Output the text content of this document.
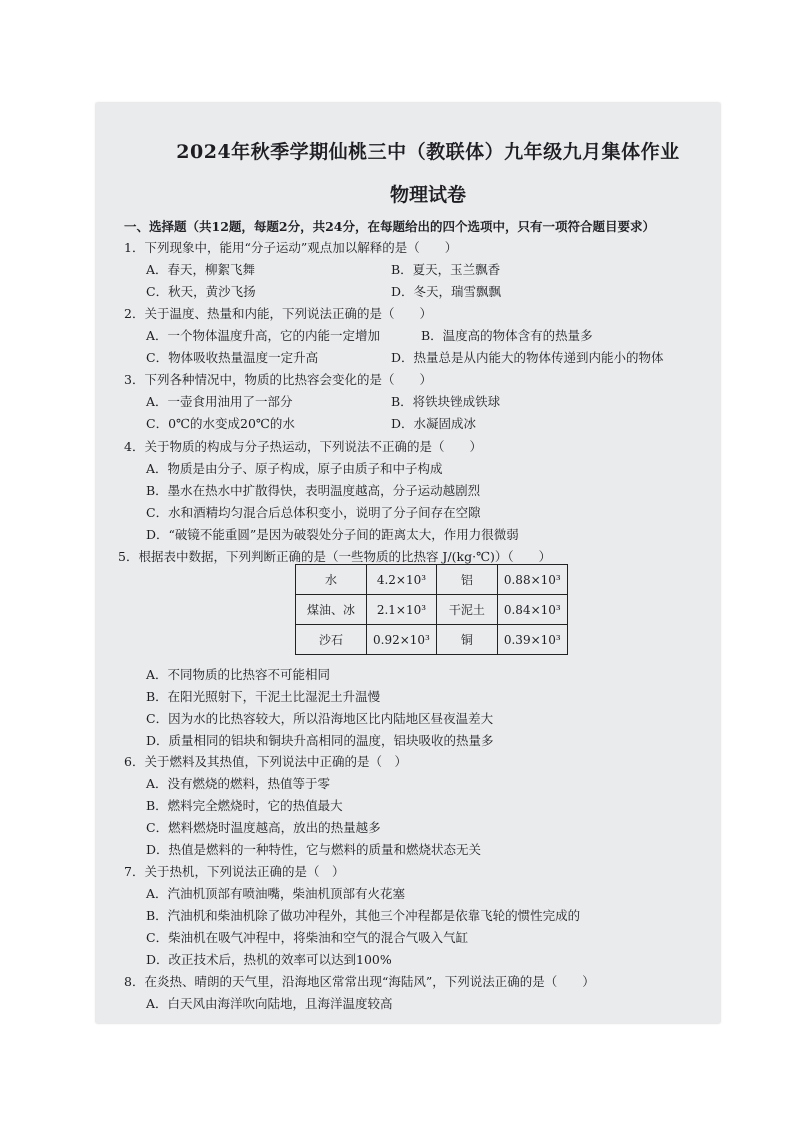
2024年秋季学期仙桃三中（教联体）九年级九月集体作业
物理试卷
一、选择题（共12题，每题2分，共24分，在每题给出的四个选项中，只有一项符合题目要求）
1．下列现象中，能用“分子运动”观点加以解释的是（　　）
A．春天，柳絮飞舞	B．夏天，玉兰飘香
C．秋天，黄沙飞扬	D．冬天，瑞雪飘飘
2．关于温度、热量和内能，下列说法正确的是（　　）
A．一个物体温度升高，它的内能一定增加	B．温度高的物体含有的热量多
C．物体吸收热量温度一定升高	D．热量总是从内能大的物体传递到内能小的物体
3．下列各种情况中，物质的比热容会变化的是（　　）
A．一壶食用油用了一部分	B．将铁块锉成铁球
C．0℃的水变成20℃的水	D．水凝固成冰
4．关于物质的构成与分子热运动，下列说法不正确的是（　　）
A．物质是由分子、原子构成，原子由质子和中子构成
B．墨水在热水中扩散得快，表明温度越高，分子运动越剧烈
C．水和酒精均匀混合后总体积变小，说明了分子间存在空隙
D．“破镜不能重圆”是因为破裂处分子间的距离太大，作用力很微弱
5．根据表中数据，下列判断正确的是（一些物质的比热容 J/(kg·℃)）（　　）
水	4.2×10³	铝	0.88×10³
煤油、冰	2.1×10³	干泥土	0.84×10³
沙石	0.92×10³	铜	0.39×10³
A．不同物质的比热容不可能相同
B．在阳光照射下，干泥土比湿泥土升温慢
C．因为水的比热容较大，所以沿海地区比内陆地区昼夜温差大
D．质量相同的铝块和铜块升高相同的温度，铝块吸收的热量多
6．关于燃料及其热值，下列说法中正确的是（　）
A．没有燃烧的燃料，热值等于零
B．燃料完全燃烧时，它的热值最大
C．燃料燃烧时温度越高，放出的热量越多
D．热值是燃料的一种特性，它与燃料的质量和燃烧状态无关
7．关于热机，下列说法正确的是（　）
A．汽油机顶部有喷油嘴，柴油机顶部有火花塞
B．汽油机和柴油机除了做功冲程外，其他三个冲程都是依靠飞轮的惯性完成的
C．柴油机在吸气冲程中，将柴油和空气的混合气吸入气缸
D．改正技术后，热机的效率可以达到100%
8．在炎热、晴朗的天气里，沿海地区常常出现“海陆风”，下列说法正确的是（　　）
A．白天风由海洋吹向陆地，且海洋温度较高
